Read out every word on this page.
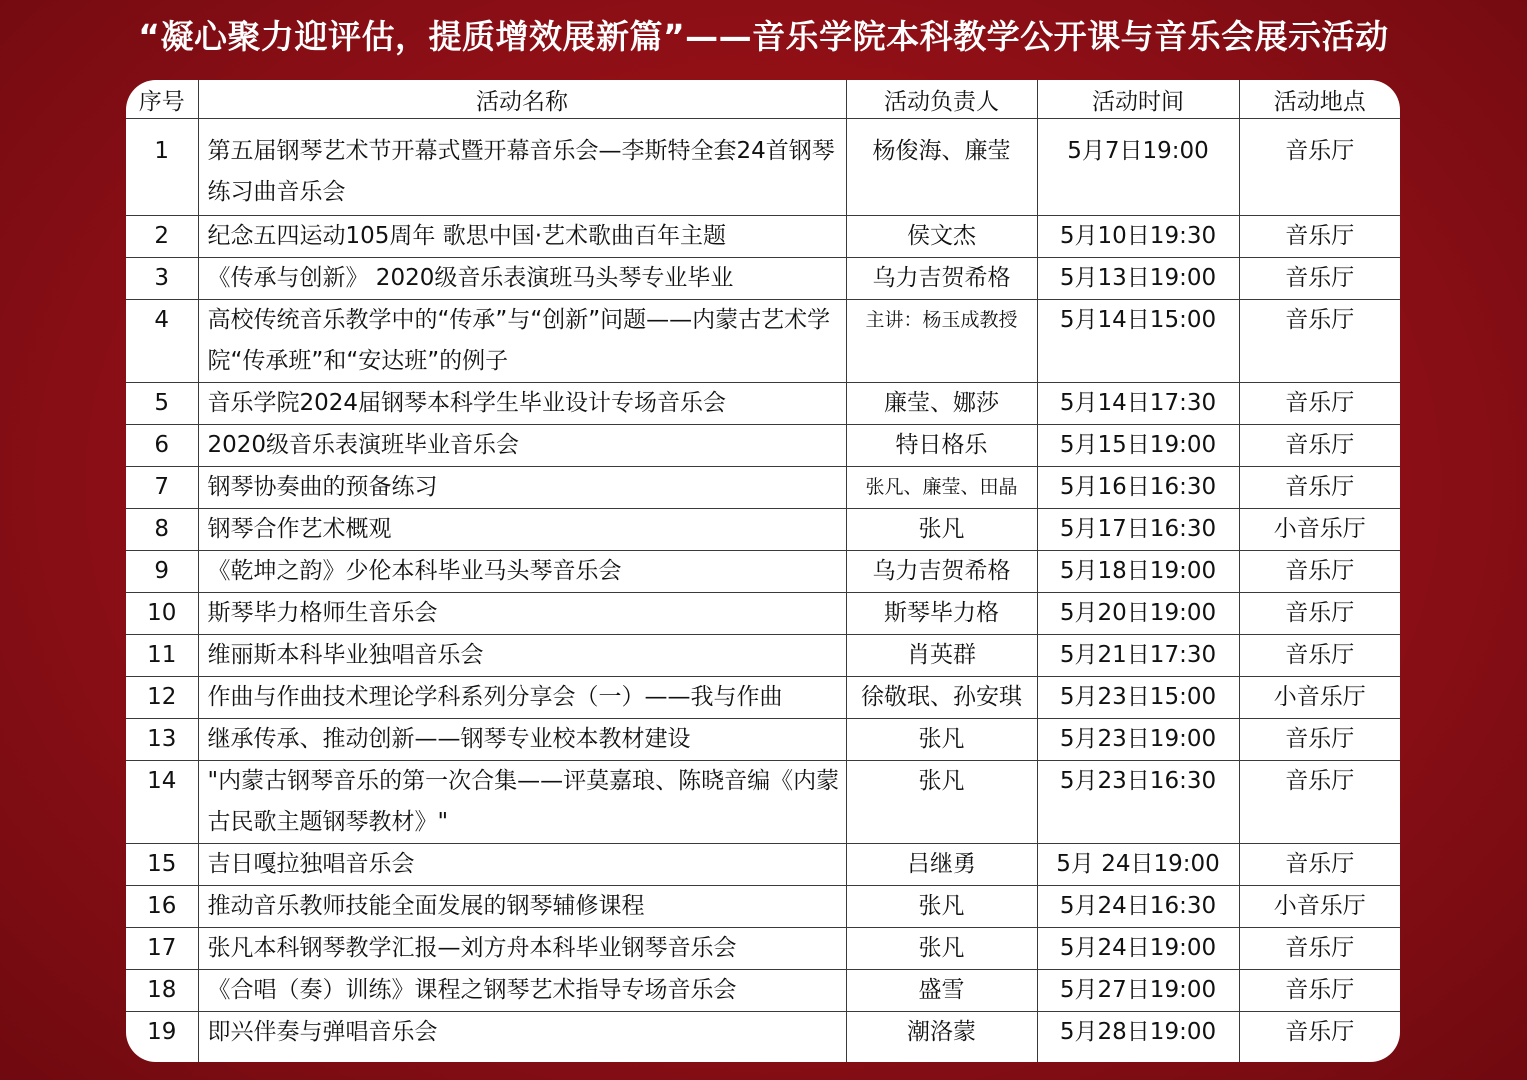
“凝心聚力迎评估，提质增效展新篇”——音乐学院本科教学公开课与音乐会展示活动
序号	活动名称	活动负责人	活动时间	活动地点
1	第五届钢琴艺术节开幕式暨开幕音乐会—李斯特全套24首钢琴练习曲音乐会	杨俊海、廉莹	5月7日19:00	音乐厅
2	纪念五四运动105周年 歌思中国·艺术歌曲百年主题	侯文杰	5月10日19:30	音乐厅
3	《传承与创新》 2020级音乐表演班马头琴专业毕业	乌力吉贺希格	5月13日19:00	音乐厅
4	高校传统音乐教学中的“传承”与“创新”问题——内蒙古艺术学院“传承班”和“安达班”的例子	主讲：杨玉成教授	5月14日15:00	音乐厅
5	音乐学院2024届钢琴本科学生毕业设计专场音乐会	廉莹、娜莎	5月14日17:30	音乐厅
6	2020级音乐表演班毕业音乐会	特日格乐	5月15日19:00	音乐厅
7	钢琴协奏曲的预备练习	张凡、廉莹、田晶	5月16日16:30	音乐厅
8	钢琴合作艺术概观	张凡	5月17日16:30	小音乐厅
9	《乾坤之韵》少伦本科毕业马头琴音乐会	乌力吉贺希格	5月18日19:00	音乐厅
10	斯琴毕力格师生音乐会	斯琴毕力格	5月20日19:00	音乐厅
11	维丽斯本科毕业独唱音乐会	肖英群	5月21日17:30	音乐厅
12	作曲与作曲技术理论学科系列分享会（一）——我与作曲	徐敬珉、孙安琪	5月23日15:00	小音乐厅
13	继承传承、推动创新——钢琴专业校本教材建设	张凡	5月23日19:00	音乐厅
14	"内蒙古钢琴音乐的第一次合集——评莫嘉琅、陈晓音编《内蒙古民歌主题钢琴教材》"	张凡	5月23日16:30	音乐厅
15	吉日嘎拉独唱音乐会	吕继勇	5月 24日19:00	音乐厅
16	推动音乐教师技能全面发展的钢琴辅修课程	张凡	5月24日16:30	小音乐厅
17	张凡本科钢琴教学汇报—刘方舟本科毕业钢琴音乐会	张凡	5月24日19:00	音乐厅
18	《合唱（奏）训练》课程之钢琴艺术指导专场音乐会	盛雪	5月27日19:00	音乐厅
19	即兴伴奏与弹唱音乐会	潮洛蒙	5月28日19:00	音乐厅
